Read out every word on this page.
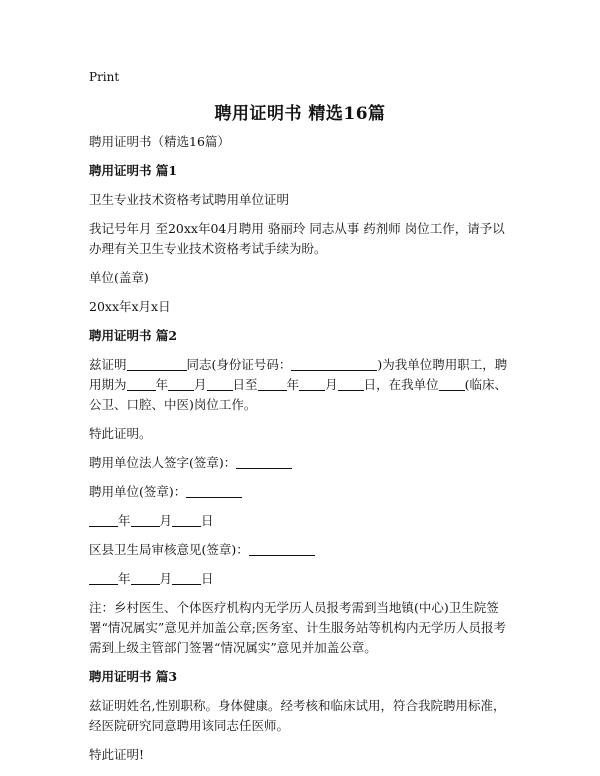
Print
聘用证明书 精选16篇

聘用证明书（精选16篇）

聘用证明书 篇1

卫生专业技术资格考试聘用单位证明

我记号年月 至20xx年04月聘用 骆丽玲 同志从事 药剂师 岗位工作，请予以办理有关卫生专业技术资格考试手续为盼。

单位(盖章)

20xx年x月x日

聘用证明书 篇2

兹证明	同志(身份证号码：	)为我单位聘用职工，聘用期为 年 月 日至 年 月 日，在我单位 (临床、公卫、口腔、中医)岗位工作。

特此证明。

聘用单位法人签字(签章)：

聘用单位(签章)：

年 月 日

区县卫生局审核意见(签章)：

年 月 日

注：乡村医生、个体医疗机构内无学历人员报考需到当地镇(中心)卫生院签署“情况属实”意见并加盖公章;医务室、计生服务站等机构内无学历人员报考需到上级主管部门签署“情况属实”意见并加盖公章。

聘用证明书 篇3

兹证明姓名,性别职称。身体健康。经考核和临床试用，符合我院聘用标准，经医院研究同意聘用该同志任医师。

特此证明!
